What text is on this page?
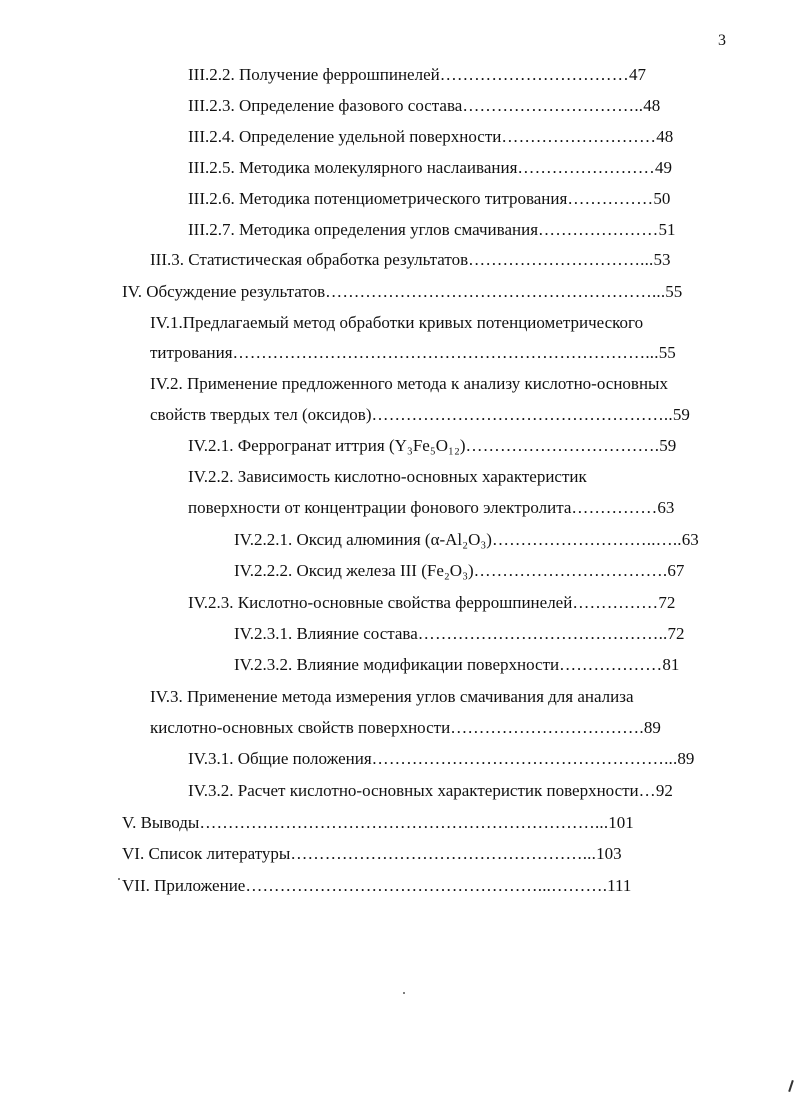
3
III.2.2. Получение феррошпинелей……………………………47
III.2.3. Определение фазового состава…………………………..48
III.2.4. Определение удельной поверхности………………………48
III.2.5. Методика молекулярного наслаивания……………………49
III.2.6. Методика потенциометрического титрования……………50
III.2.7. Методика определения углов смачивания…………………51
III.3. Статистическая обработка результатов…………………………...53
IV. Обсуждение результатов…………………………………………………...55
IV.1.Предлагаемый метод обработки кривых потенциометрического
титрования………………………………………………………………...55
IV.2. Применение предложенного метода к анализу кислотно-основных
свойств твердых тел (оксидов)……………………………………………..59
IV.2.1. Феррогранат иттрия (Y₃Fe₅O₁₂)…………………………….59
IV.2.2. Зависимость кислотно-основных характеристик
поверхности от концентрации фонового электролита……………63
IV.2.2.1. Оксид алюминия (α-Al₂O₃)………………………..…..63
IV.2.2.2. Оксид железа III (Fe₂O₃)…………………………….67
IV.2.3. Кислотно-основные свойства феррошпинелей……………72
IV.2.3.1. Влияние состава……………………………………..72
IV.2.3.2. Влияние модификации поверхности………………81
IV.3. Применение метода измерения углов смачивания для анализа
кислотно-основных свойств поверхности…………………………….89
IV.3.1. Общие положения……………………………………………...89
IV.3.2. Расчет кислотно-основных характеристик поверхности…92
V. Выводы……………………………………………………………...101
VI. Список литературы……………………………………………...103
VII. Приложение……………………………………………...……….111
